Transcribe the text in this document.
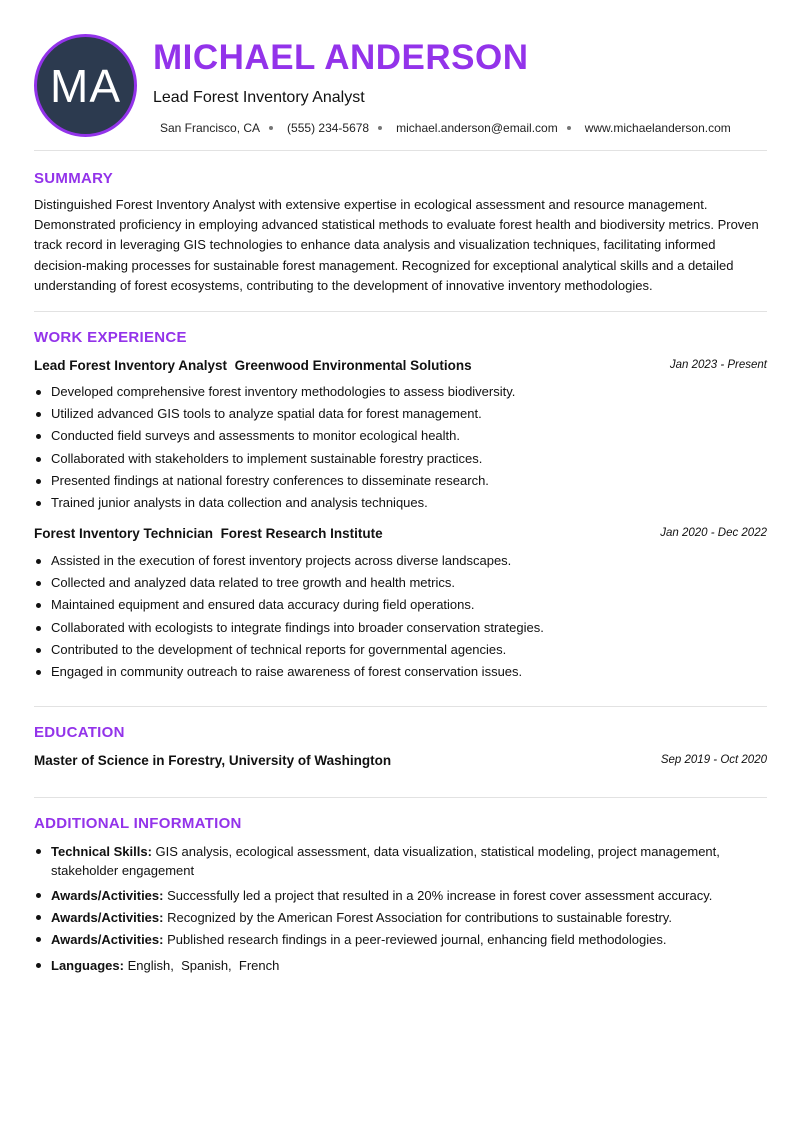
MA
MICHAEL ANDERSON
Lead Forest Inventory Analyst
San Francisco, CA (555) 234-5678 michael.anderson@email.com www.michaelanderson.com
SUMMARY

Distinguished Forest Inventory Analyst with extensive expertise in ecological assessment and resource management. Demonstrated proficiency in employing advanced statistical methods to evaluate forest health and biodiversity metrics. Proven track record in leveraging GIS technologies to enhance data analysis and visualization techniques, facilitating informed decision-making processes for sustainable forest management. Recognized for exceptional analytical skills and a detailed understanding of forest ecosystems, contributing to the development of innovative inventory methodologies.

WORK EXPERIENCE
Lead Forest Inventory Analyst Greenwood Environmental Solutions	Jan 2023 - Present
Developed comprehensive forest inventory methodologies to assess biodiversity.
Utilized advanced GIS tools to analyze spatial data for forest management.
Conducted field surveys and assessments to monitor ecological health.
Collaborated with stakeholders to implement sustainable forestry practices.
Presented findings at national forestry conferences to disseminate research.
Trained junior analysts in data collection and analysis techniques.
Forest Inventory Technician Forest Research Institute	Jan 2020 - Dec 2022
Assisted in the execution of forest inventory projects across diverse landscapes.
Collected and analyzed data related to tree growth and health metrics.
Maintained equipment and ensured data accuracy during field operations.
Collaborated with ecologists to integrate findings into broader conservation strategies.
Contributed to the development of technical reports for governmental agencies.
Engaged in community outreach to raise awareness of forest conservation issues.
EDUCATION
Master of Science in Forestry, University of Washington	Sep 2019 - Oct 2020
ADDITIONAL INFORMATION
Technical Skills: GIS analysis, ecological assessment, data visualization, statistical modeling, project management, stakeholder engagement
Awards/Activities: Successfully led a project that resulted in a 20% increase in forest cover assessment accuracy.
Awards/Activities: Recognized by the American Forest Association for contributions to sustainable forestry.
Awards/Activities: Published research findings in a peer-reviewed journal, enhancing field methodologies.
Languages: English,  Spanish,  French
